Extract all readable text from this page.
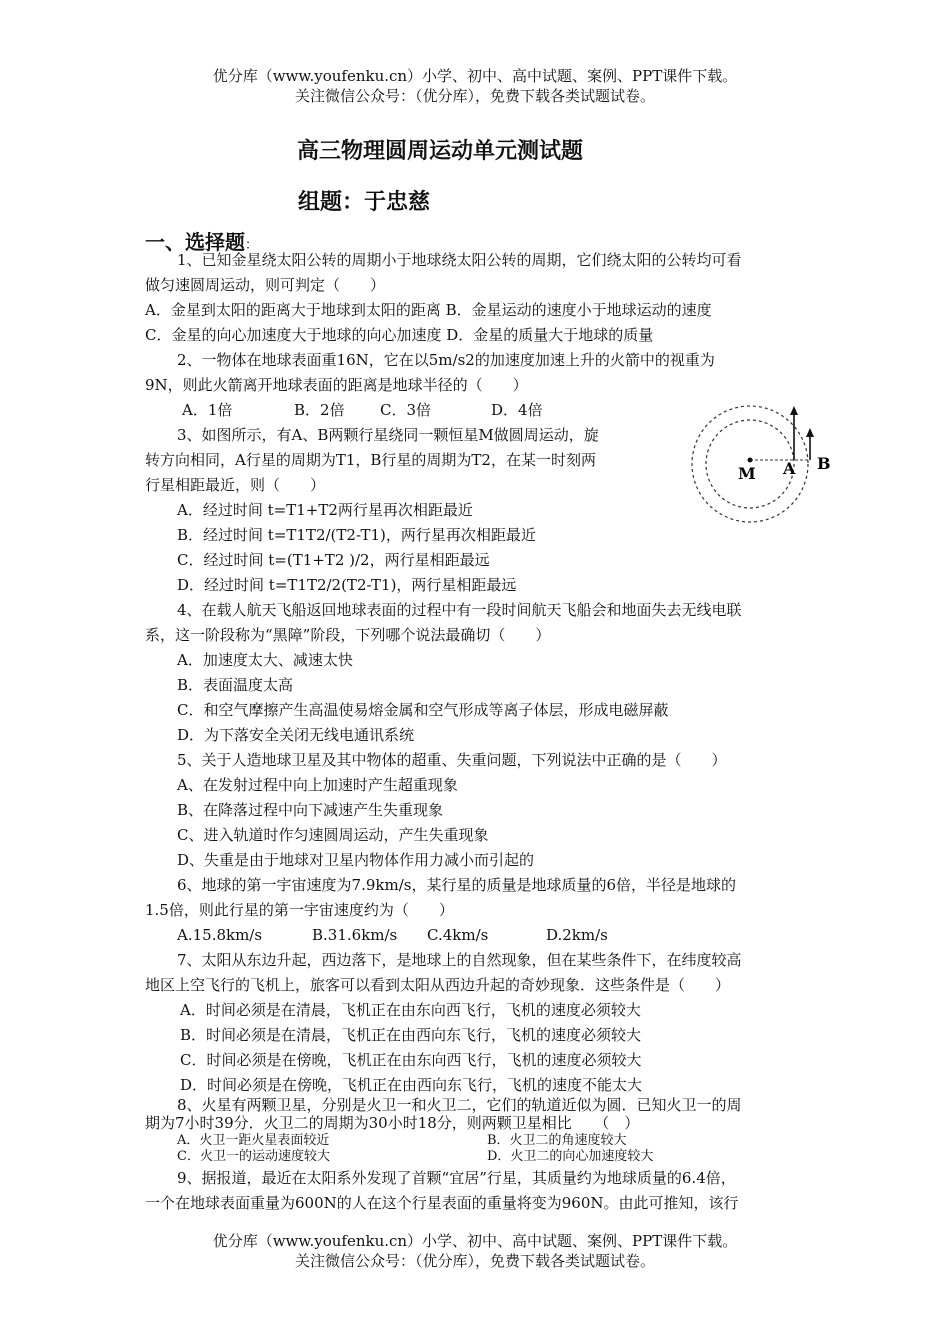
优分库（www.youfenku.cn）小学、初中、高中试题、案例、PPT课件下载。
关注微信公众号：（优分库），免费下载各类试题试卷。
高三物理圆周运动单元测试题
组题：于忠慈
一、选择题：
1、已知金星绕太阳公转的周期小于地球绕太阳公转的周期，它们绕太阳的公转均可看
做匀速圆周运动，则可判定（　　）
A．金星到太阳的距离大于地球到太阳的距离 B．金星运动的速度小于地球运动的速度
C．金星的向心加速度大于地球的向心加速度 D．金星的质量大于地球的质量
2、一物体在地球表面重16N，它在以5m/s2的加速度加速上升的火箭中的视重为
9N，则此火箭离开地球表面的距离是地球半径的（　　）
A．1倍	B．2倍 C．3倍	D．4倍
3、如图所示，有A、B两颗行星绕同一颗恒星M做圆周运动，旋
转方向相同，A行星的周期为T1，B行星的周期为T2，在某一时刻两
行星相距最近，则（　　）
A．经过时间 t=T1+T2两行星再次相距最近
B．经过时间 t=T1T2/(T2-T1)，两行星再次相距最近
C．经过时间 t=(T1+T2 )/2，两行星相距最远
D．经过时间 t=T1T2/2(T2-T1)，两行星相距最远
M A B
4、在载人航天飞船返回地球表面的过程中有一段时间航天飞船会和地面失去无线电联
系，这一阶段称为“黑障”阶段，下列哪个说法最确切（　　）
A．加速度太大、减速太快
B．表面温度太高
C．和空气摩擦产生高温使易熔金属和空气形成等离子体层，形成电磁屏蔽
D．为下落安全关闭无线电通讯系统
5、关于人造地球卫星及其中物体的超重、失重问题，下列说法中正确的是（　　）
A、在发射过程中向上加速时产生超重现象
B、在降落过程中向下减速产生失重现象
C、进入轨道时作匀速圆周运动，产生失重现象
D、失重是由于地球对卫星内物体作用力减小而引起的
6、地球的第一宇宙速度为7.9km/s，某行星的质量是地球质量的6倍，半径是地球的
1.5倍，则此行星的第一宇宙速度约为（　　）
A.15.8km/s	B.31.6km/s C.4km/s	D.2km/s
7、太阳从东边升起，西边落下，是地球上的自然现象，但在某些条件下，在纬度较高
地区上空飞行的飞机上，旅客可以看到太阳从西边升起的奇妙现象．这些条件是（　　）
A．时间必须是在清晨，飞机正在由东向西飞行，飞机的速度必须较大
B．时间必须是在清晨，飞机正在由西向东飞行，飞机的速度必须较大
C．时间必须是在傍晚，飞机正在由东向西飞行，飞机的速度必须较大
D．时间必须是在傍晚，飞机正在由西向东飞行，飞机的速度不能太大
8、火星有两颗卫星，分别是火卫一和火卫二，它们的轨道近似为圆．已知火卫一的周
期为7小时39分．火卫二的周期为30小时18分，则两颗卫星相比　　（　）
A．火卫一距火星表面较近	B．火卫二的角速度较大
C．火卫一的运动速度较大	D．火卫二的向心加速度较大
9、据报道，最近在太阳系外发现了首颗“宜居”行星，其质量约为地球质量的6.4倍，
一个在地球表面重量为600N的人在这个行星表面的重量将变为960N。由此可推知，该行
优分库（www.youfenku.cn）小学、初中、高中试题、案例、PPT课件下载。
关注微信公众号：（优分库），免费下载各类试题试卷。
